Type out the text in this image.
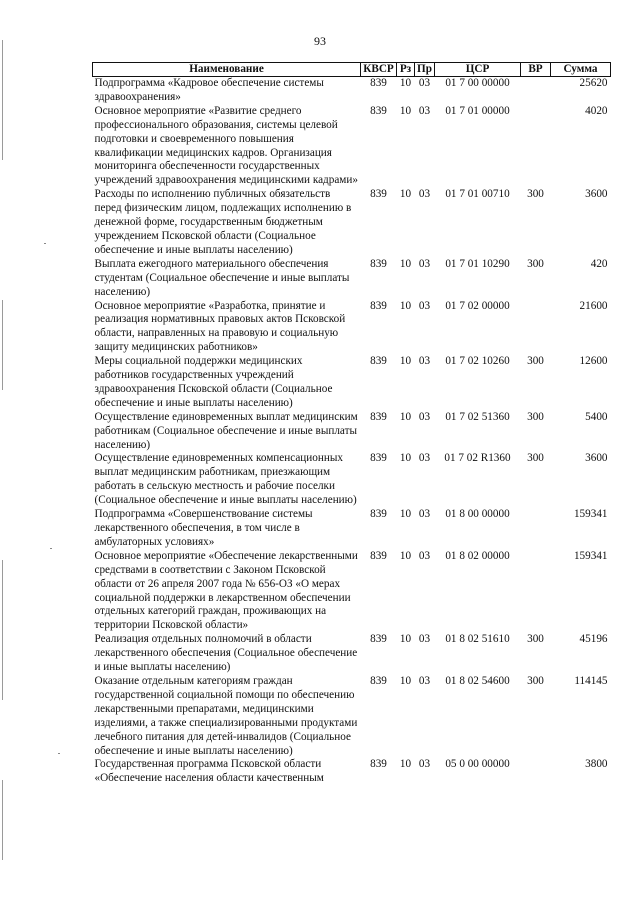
93
Наименование	КВСР	Рз	Пр	ЦСР	ВР	Сумма
Подпрограмма «Кадровое обеспечение системы здравоохранения»	839	10	03	01 7 00 00000		25620
Основное мероприятие «Развитие среднего профессионального образования, системы целевой подготовки и своевременного повышения квалификации медицинских кадров. Организация мониторинга обеспеченности государственных учреждений здравоохранения медицинскими кадрами»	839	10	03	01 7 01 00000		4020
Расходы по исполнению публичных обязательств перед физическим лицом, подлежащих исполнению в денежной форме, государственным бюджетным учреждением Псковской области (Социальное обеспечение и иные выплаты населению)	839	10	03	01 7 01 00710	300	3600
Выплата ежегодного материального обеспечения студентам (Социальное обеспечение и иные выплаты населению)	839	10	03	01 7 01 10290	300	420
Основное мероприятие «Разработка, принятие и реализация нормативных правовых актов Псковской области, направленных на правовую и социальную защиту медицинских работников»	839	10	03	01 7 02 00000		21600
Меры социальной поддержки медицинских работников государственных учреждений здравоохранения Псковской области (Социальное обеспечение и иные выплаты населению)	839	10	03	01 7 02 10260	300	12600
Осуществление единовременных выплат медицинским работникам (Социальное обеспечение и иные выплаты населению)	839	10	03	01 7 02 51360	300	5400
Осуществление единовременных компенсационных выплат медицинским работникам, приезжающим работать в сельскую местность и рабочие поселки (Социальное обеспечение и иные выплаты населению)	839	10	03	01 7 02 R1360	300	3600
Подпрограмма «Совершенствование системы лекарственного обеспечения, в том числе в амбулаторных условиях»	839	10	03	01 8 00 00000		159341
Основное мероприятие «Обеспечение лекарственными средствами в соответствии с Законом Псковской области от 26 апреля 2007 года № 656-ОЗ «О мерах социальной поддержки в лекарственном обеспечении отдельных категорий граждан, проживающих на территории Псковской области»	839	10	03	01 8 02 00000		159341
Реализация отдельных полномочий в области лекарственного обеспечения (Социальное обеспечение и иные выплаты населению)	839	10	03	01 8 02 51610	300	45196
Оказание отдельным категориям граждан государственной социальной помощи по обеспечению лекарственными препаратами, медицинскими изделиями, а также специализированными продуктами лечебного питания для детей-инвалидов (Социальное обеспечение и иные выплаты населению)	839	10	03	01 8 02 54600	300	114145
Государственная программа Псковской области «Обеспечение населения области качественным	839	10	03	05 0 00 00000		3800
